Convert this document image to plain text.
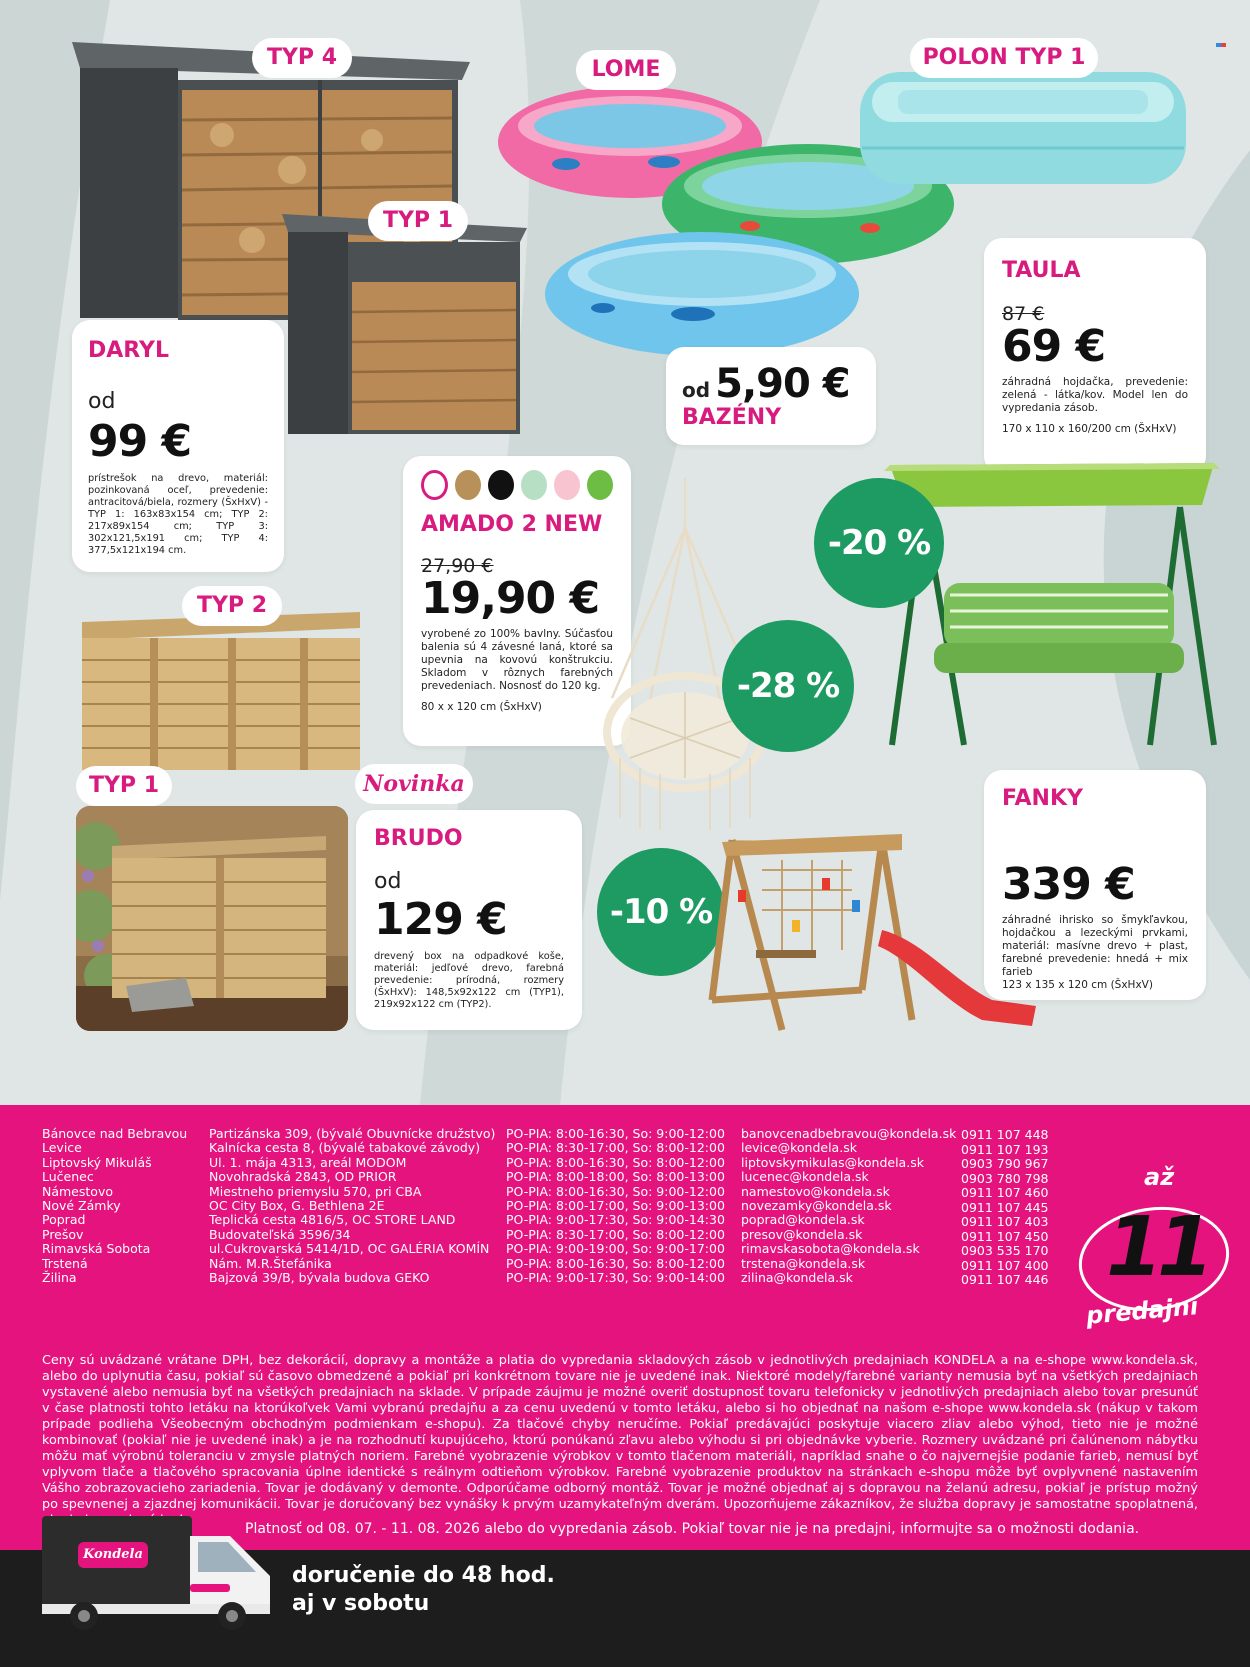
TYP 4
TYP 1
DARYL
od
99 €
prístrešok na drevo, materiál: pozinkovaná oceľ, prevedenie: antracitová/biela, rozmery (ŠxHxV) - TYP 1: 163x83x154 cm; TYP 2: 217x89x154 cm; TYP 3: 302x121,5x191 cm; TYP 4: 377,5x121x194 cm.
LOME	POLON TYP 1
od 5,90 €
BAZÉNY
TAULA
87 €
69 €
záhradná hojdačka, prevedenie: zelená - látka/kov. Model len do vypredania zásob.
170 x 110 x 160/200 cm (ŠxHxV)
-20 %
AMADO 2 NEW
27,90 €
19,90 €
vyrobené zo 100% bavlny. Súčasťou balenia sú 4 závesné laná, ktoré sa upevnia na kovovú konštrukciu. Skladom v rôznych farebných prevedeniach. Nosnosť do 120 kg.
80 x x 120 cm (ŠxHxV)
-28 %
TYP 2
TYP 1	Novinka
BRUDO
od
129 €
drevený box na odpadkové koše, materiál: jedľové drevo, farebná prevedenie: prírodná, rozmery (ŠxHxV): 148,5x92x122 cm (TYP1), 219x92x122 cm (TYP2).
-10 %
FANKY
339 €
záhradné ihrisko so šmykľavkou, hojdačkou a lezeckými prvkami, materiál: masívne drevo + plast, farebné prevedenie: hnedá + mix farieb
123 x 135 x 120 cm (ŠxHxV)
Bánovce nad Bebravou
Levice
Liptovský Mikuláš
Lučenec
Námestovo
Nové Zámky
Poprad
Prešov
Rimavská Sobota
Trstená
Žilina
Partizánska 309, (bývalé Obuvnícke družstvo)
Kalnícka cesta 8, (bývalé tabakové závody)
Ul. 1. mája 4313, areál MODOM
Novohradská 2843, OD PRIOR
Miestneho priemyslu 570, pri CBA
OC City Box, G. Bethlena 2E
Teplická cesta 4816/5, OC STORE LAND
Budovateľská 3596/34
ul.Cukrovarská 5414/1D, OC GALÉRIA KOMÍN
Nám. M.R.Štefánika
Bajzová 39/B, bývala budova GEKO
PO-PIA: 8:00-16:30, So: 9:00-12:00
PO-PIA: 8:30-17:00, So: 8:00-12:00
PO-PIA: 8:00-16:30, So: 8:00-12:00
PO-PIA: 8:00-18:00, So: 8:00-13:00
PO-PIA: 8:00-16:30, So: 9:00-12:00
PO-PIA: 8:00-17:00, So: 9:00-13:00
PO-PIA: 9:00-17:30, So: 9:00-14:30
PO-PIA: 8:30-17:00, So: 8:00-12:00
PO-PIA: 9:00-19:00, So: 9:00-17:00
PO-PIA: 8:00-16:30, So: 8:00-12:00
PO-PIA: 9:00-17:30, So: 9:00-14:00
banovcenadbebravou@kondela.sk
levice@kondela.sk
liptovskymikulas@kondela.sk
lucenec@kondela.sk
namestovo@kondela.sk
novezamky@kondela.sk
poprad@kondela.sk
presov@kondela.sk
rimavskasobota@kondela.sk
trstena@kondela.sk
zilina@kondela.sk
0911 107 448
0911 107 193
0903 790 967
0903 780 798
0911 107 460
0911 107 445
0911 107 403
0911 107 450
0903 535 170
0911 107 400
0911 107 446
až
11
predajní
Ceny sú uvádzané vrátane DPH, bez dekorácií, dopravy a montáže a platia do vypredania skladových zásob v jednotlivých predajniach KONDELA a na e-shope www.kondela.sk, alebo do uplynutia času, pokiaľ sú časovo obmedzené a pokiaľ pri konkrétnom tovare nie je uvedené inak. Niektoré modely/farebné varianty nemusia byť na všetkých predajniach vystavené alebo nemusia byť na všetkých predajniach na sklade. V prípade záujmu je možné overiť dostupnosť tovaru telefonicky v jednotlivých predajniach alebo tovar presunúť v čase platnosti tohto letáku na ktorúkoľvek Vami vybranú predajňu a za cenu uvedenú v tomto letáku, alebo si ho objednať na našom e-shope www.kondela.sk (nákup v takom prípade podlieha Všeobecným obchodným podmienkam e-shopu). Za tlačové chyby neručíme. Pokiaľ predávajúci poskytuje viacero zliav alebo výhod, tieto nie je možné kombinovať (pokiaľ nie je uvedené inak) a je na rozhodnutí kupujúceho, ktorú ponúkanú zľavu alebo výhodu si pri objednávke vyberie. Rozmery uvádzané pri čalúnenom nábytku môžu mať výrobnú toleranciu v zmysle platných noriem. Farebné vyobrazenie výrobkov v tomto tlačenom materiáli, napríklad snahe o čo najvernejšie podanie farieb, nemusí byť vplyvom tlače a tlačového spracovania úplne identické s reálnym odtieňom výrobkov. Farebné vyobrazenie produktov na stránkach e-shopu môže byť ovplyvnené nastavením Vášho zobrazovacieho zariadenia. Tovar je dodávaný v demonte. Odporúčame odborný montáž. Tovar je možné objednať aj s dopravou na želanú adresu, pokiaľ je prístup možný po spevnenej a zjazdnej komunikácii. Tovar je doručovaný bez vynášky k prvým uzamykateľným dverám. Upozorňujeme zákazníkov, že služba dopravy je samostatne spoplatnená,
Platnosť od 08. 07. - 11. 08. 2026 alebo do vypredania zásob. Pokiaľ tovar nie je na predajni, informujte sa o možnosti dodania.
doručenie do 48 hod.
aj v sobotu
Kondela
